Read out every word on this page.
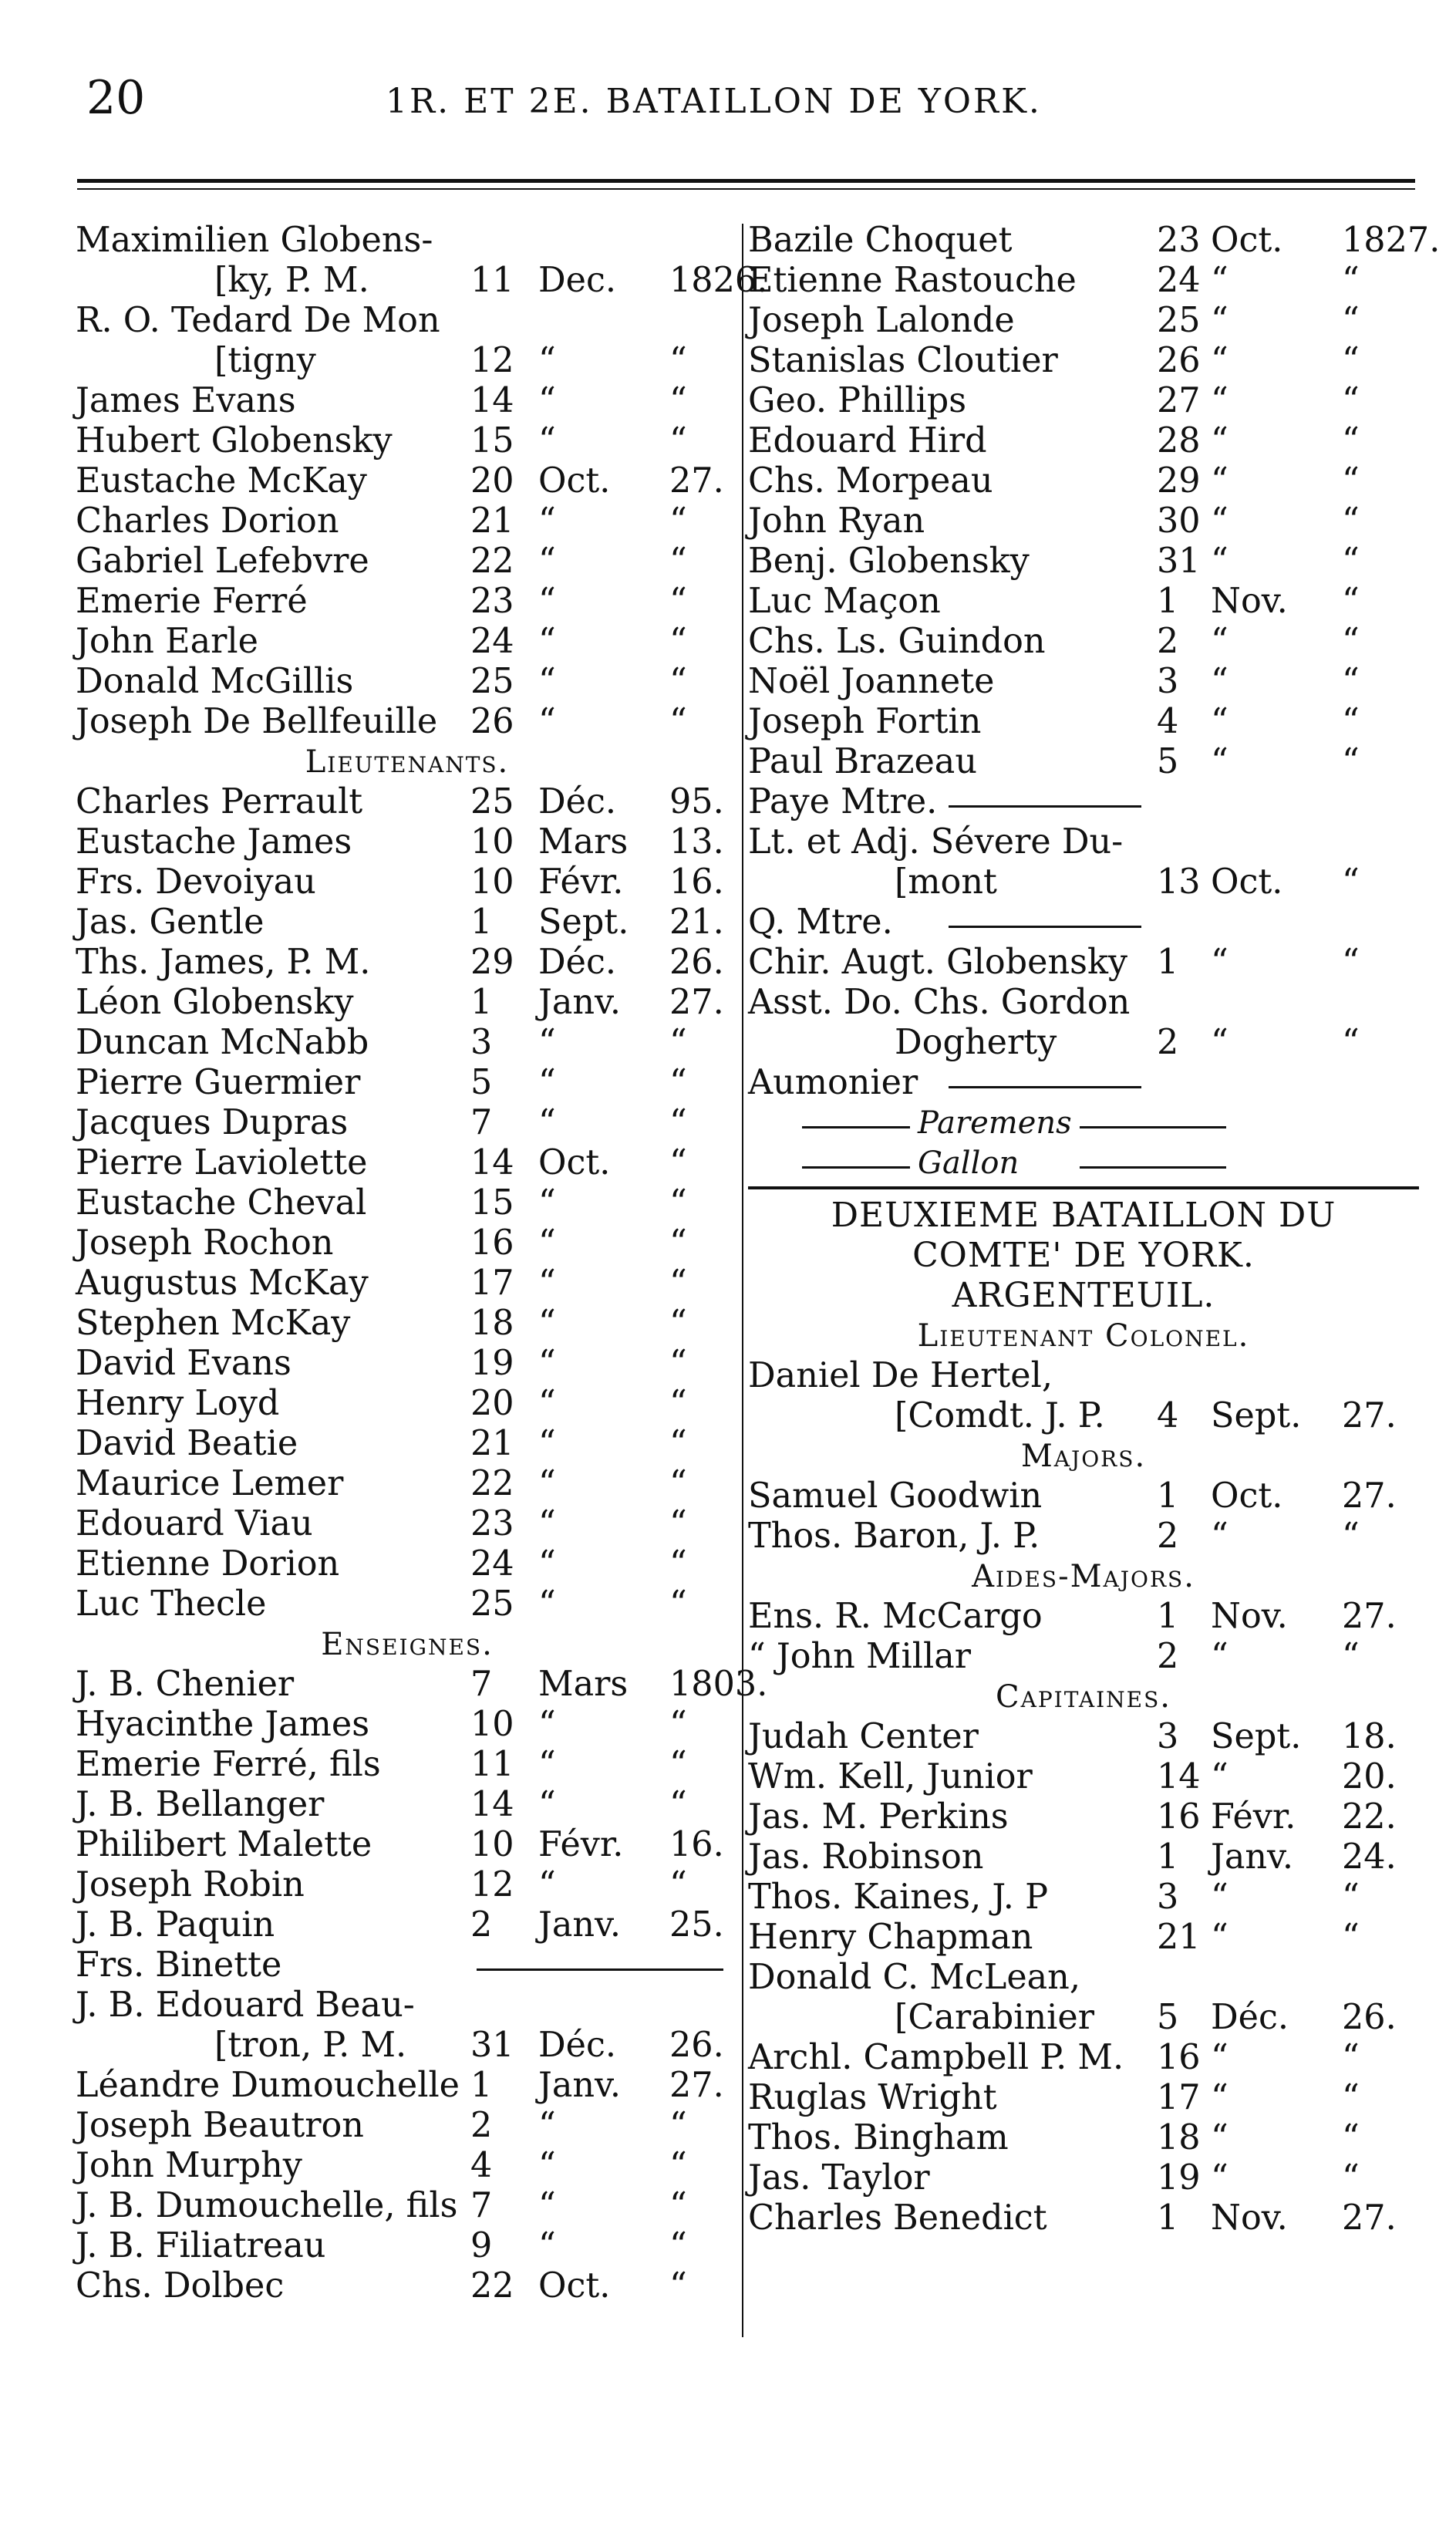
20	1R. ET 2E. BATAILLON DE YORK.
Maximilien Globens-
[ky, P. M.	11 Dec. 1826.
R. O. Tedard De Mon
[tigny	12 “	“
James Evans	14 “	“
Hubert Globensky 15 “	“
Eustache McKay	20 Oct. 27.
Charles Dorion	21 “	“
Gabriel Lefebvre	22 “	“
Emerie Ferré	23 “	“
John Earle	24 “	“
Donald McGillis	25 “	“
Joseph De Bellfeuille 26 “	“
Lieutenants.
Charles Perrault	25 Déc. 95.
Eustache James	10 Mars 13.
Frs. Devoiyau	10 Févr. 16.
Jas. Gentle	1 Sept. 21.
Ths. James, P. M.	29 Déc. 26.
Léon Globensky	1 Janv. 27.
Duncan McNabb	3 “	“
Pierre Guermier	5 “	“
Jacques Dupras	7 “	“
Pierre Laviolette	14 Oct. “
Eustache Cheval	15 “	“
Joseph Rochon	16 “	“
Augustus McKay	17 “	“
Stephen McKay	18 “	“
David Evans	19 “	“
Henry Loyd	20 “	“
David Beatie	21 “	“
Maurice Lemer	22 “	“
Edouard Viau	23 “	“
Etienne Dorion	24 “	“
Luc Thecle	25 “	“
Enseignes.
J. B. Chenier	7 Mars 1803.
Hyacinthe James	10 “	“
Emerie Ferré, fils	11 “	“
J. B. Bellanger	14 “	“
Philibert Malette	10 Févr. 16.
Joseph Robin	12 “	“
J. B. Paquin	2 Janv. 25.
Frs. Binette
J. B. Edouard Beau-
[tron, P. M. 31 Déc. 26.
Léandre Dumouchelle 1 Janv. 27.
Joseph Beautron	2 “	“
John Murphy	4 “	“
J. B. Dumouchelle, fils 7 “	“
J. B. Filiatreau	9 “	“
Chs. Dolbec	22 Oct. “
Bazile Choquet	23 Oct. 1827.
Etienne Rastouche 24 “	“
Joseph Lalonde	25 “	“
Stanislas Cloutier	26 “	“
Geo. Phillips	27 “	“
Edouard Hird	28 “	“
Chs. Morpeau	29 “	“
John Ryan	30 “	“
Benj. Globensky	31 “	“
Luc Maçon	1 Nov. “
Chs. Ls. Guindon	2 “	“
Noël Joannete	3 “	“
Joseph Fortin	4 “	“
Paul Brazeau	5 “	“
Paye Mtre.
Lt. et Adj. Sévere Du-
[mont	13 Oct. “
Q. Mtre.
Chir. Augt. Globensky 1 “	“
Asst. Do. Chs. Gordon
Dogherty	2 “	“
Aumonier
Paremens
Gallon
DEUXIEME BATAILLON DU
COMTE' DE YORK.
ARGENTEUIL.
Lieutenant Colonel.
Daniel De Hertel,
[Comdt. J. P. 4 Sept. 27.
Majors.
Samuel Goodwin	1 Oct. 27.
Thos. Baron, J. P.	2 “	“
Aides-Majors.
Ens. R. McCargo	1 Nov. 27.
“ John Millar	2 “	“
Capitaines.
Judah Center	3 Sept. 18.
Wm. Kell, Junior	14 “	20.
Jas. M. Perkins	16 Févr. 22.
Jas. Robinson	1 Janv. 24.
Thos. Kaines, J. P	3 “	“
Henry Chapman	21 “	“
Donald C. McLean,
[Carabinier 5 Déc. 26.
Archl. Campbell P. M. 16 “	“
Ruglas Wright	17 “	“
Thos. Bingham	18 “	“
Jas. Taylor	19 “	“
Charles Benedict	1 Nov. 27.
